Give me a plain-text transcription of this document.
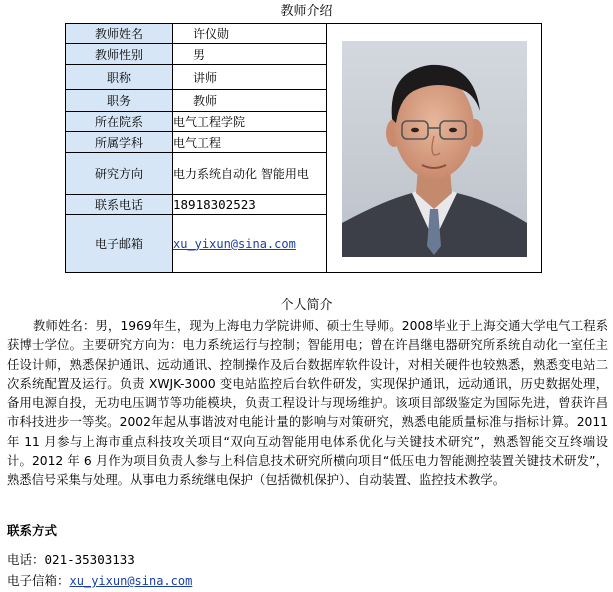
教师介绍
教师姓名	许仪勋	

教师性别	男	
职称	讲师	
职务	教师	
所在院系	电气工程学院	
所属学科	电气工程	
研究方向	电力系统自动化 智能用电	
联系电话	18918302523	
电子邮箱	xu_yixun@sina.com	
个人简介

教师姓名：男，1969年生，现为上海电力学院讲师、硕士生导师。2008毕业于上海交通大学电气工程系获博士学位。主要研究方向为：电力系统运行与控制；智能用电；曾在许昌继电器研究所系统自动化一室任主任设计师，熟悉保护通讯、远动通讯、控制操作及后台数据库软件设计，对相关硬件也较熟悉，熟悉变电站二次系统配置及运行。负责 XWJK-3000 变电站监控后台软件研发，实现保护通讯，远动通讯，历史数据处理，备用电源自投，无功电压调节等功能模块，负责工程设计与现场维护。该项目部级鉴定为国际先进，曾获许昌市科技进步一等奖。2002年起从事谐波对电能计量的影响与对策研究，熟悉电能质量标准与指标计算。2011 年 11 月参与上海市重点科技攻关项目“双向互动智能用电体系优化与关键技术研究”，熟悉智能交互终端设计。2012 年 6 月作为项目负责人参与上科信息技术研究所横向项目“低压电力智能测控装置关键技术研发”，熟悉信号采集与处理。从事电力系统继电保护（包括微机保护）、自动装置、监控技术教学。

联系方式
电话：021-35303133
电子信箱：xu_yixun@sina.com
